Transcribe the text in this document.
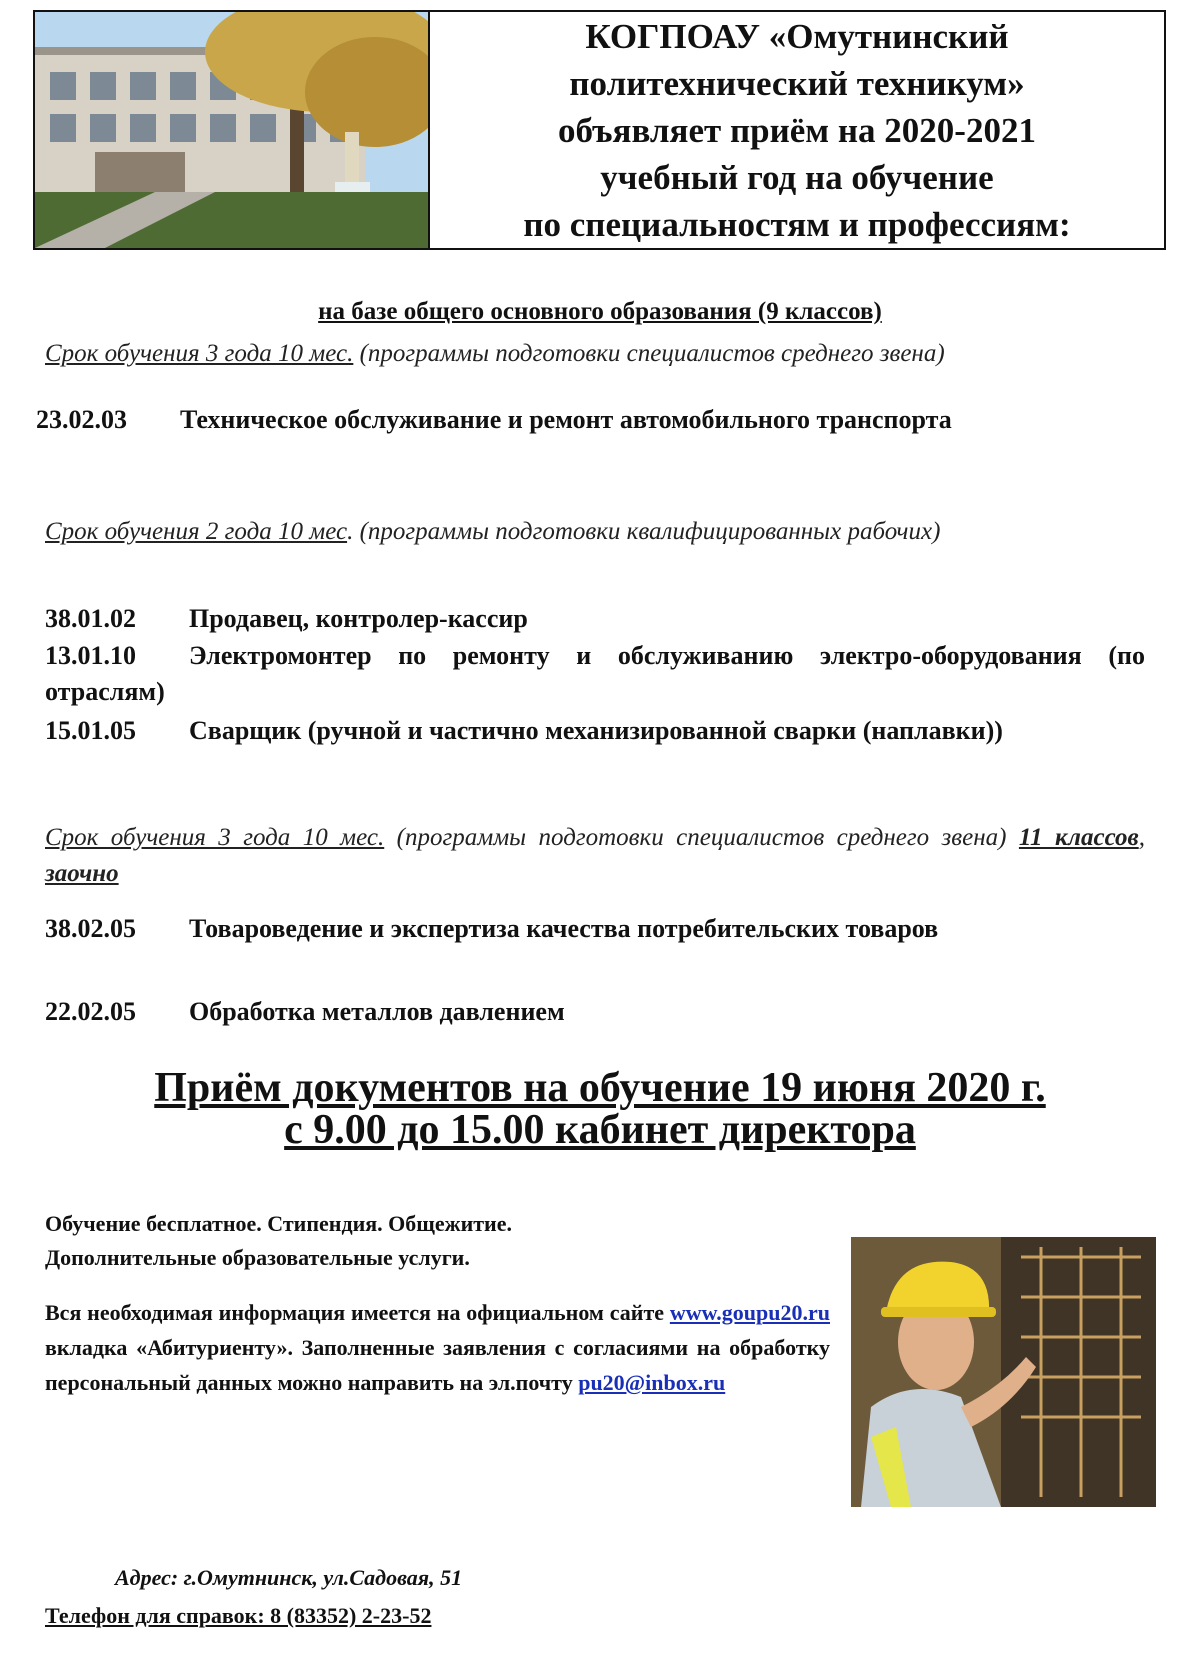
КОГПОАУ «Омутнинский
политехнический техникум»
объявляет приём на 2020-2021
учебный год на обучение
по специальностям и профессиям:
на базе общего основного образования (9 классов)
Срок обучения 3 года 10 мес. (программы подготовки специалистов среднего звена)
23.02.03 Техническое обслуживание и ремонт автомобильного транспорта
Срок обучения 2 года 10 мес. (программы подготовки квалифицированных рабочих)
38.01.02 Продавец, контролер-кассир
13.01.10 Электромонтер по ремонту и обслуживанию электро-оборудования (по отраслям)
15.01.05 Сварщик (ручной и частично механизированной сварки (наплавки))
Срок обучения 3 года 10 мес. (программы подготовки специалистов среднего звена) 11 классов, заочно
38.02.05 Товароведение и экспертиза качества потребительских товаров
22.02.05 Обработка металлов давлением
Приём документов на обучение 19 июня 2020 г.
с 9.00 до 15.00 кабинет директора
Обучение бесплатное. Стипендия. Общежитие.
Дополнительные образовательные услуги.
Вся необходимая информация имеется на официальном сайте www.goupu20.ru вкладка «Абитуриенту». Заполненные заявления с согласиями на обработку персональный данных можно направить на эл.почту pu20@inbox.ru
Адрес: г.Омутнинск, ул.Садовая, 51
Телефон для справок: 8 (83352) 2-23-52
